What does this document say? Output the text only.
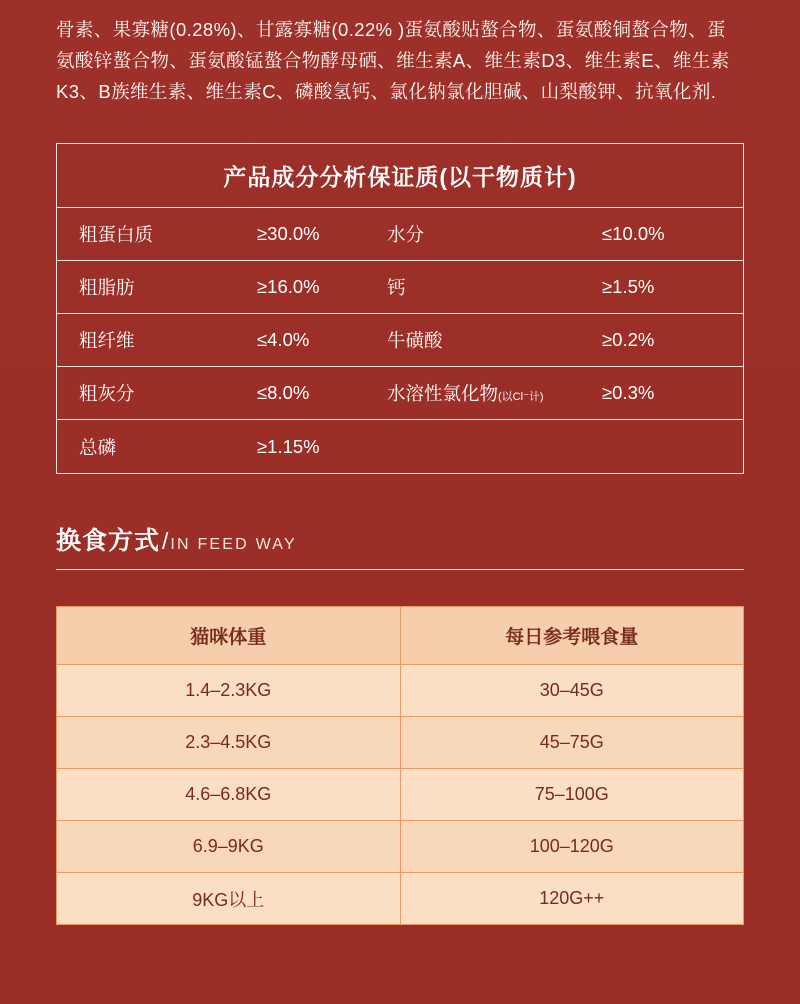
骨素、果寡糖(0.28%)、甘露寡糖(0.22% )蛋氨酸贴螯合物、蛋氨酸铜螯合物、蛋氨酸锌螯合物、蛋氨酸锰螯合物酵母硒、维生素A、维生素D3、维生素E、维生素K3、B族维生素、维生素C、磷酸氢钙、氯化钠氯化胆碱、山梨酸钾、抗氧化剂.

产品成分分析保证质(以干物质计)
粗蛋白质	≥30.0%	水分	≤10.0%
粗脂肪	≥16.0%	钙	≥1.5%
粗纤维	≤4.0%	牛磺酸	≥0.2%
粗灰分	≤8.0%	水溶性氯化物(以Cl⁻计)	≥0.3%
总磷	≥1.15%
换食方式 / IN FEED WAY
猫咪体重	每日参考喂食量
1.4–2.3KG	30–45G
2.3–4.5KG	45–75G
4.6–6.8KG	75–100G
6.9–9KG	100–120G
9KG以上	120G++
